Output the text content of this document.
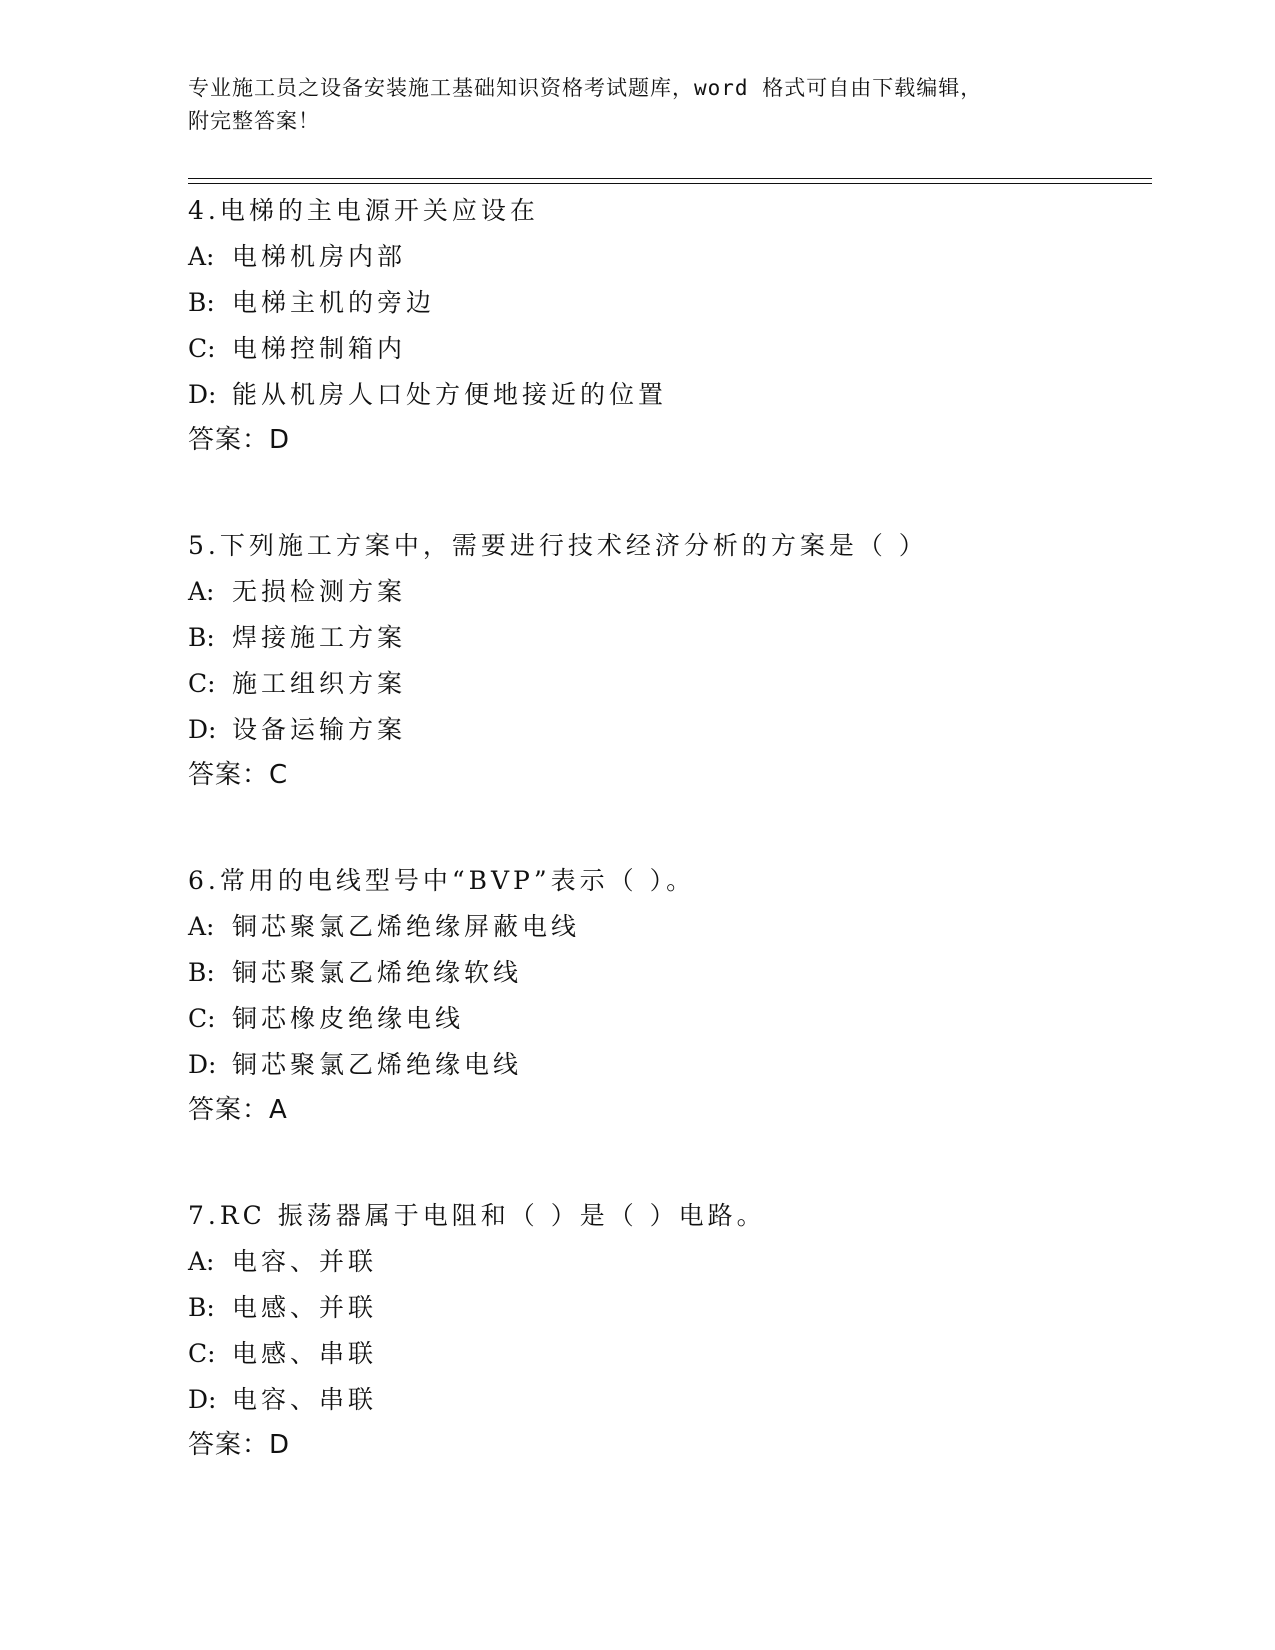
专业施工员之设备安装施工基础知识资格考试题库，word 格式可自由下载编辑，
附完整答案！
4.电梯的主电源开关应设在
A: 电梯机房内部
B: 电梯主机的旁边
C: 电梯控制箱内
D: 能从机房人口处方便地接近的位置
答案：D
5.下列施工方案中，需要进行技术经济分析的方案是（ ）
A: 无损检测方案
B: 焊接施工方案
C: 施工组织方案
D: 设备运输方案
答案：C
6.常用的电线型号中“BVP”表示（ ）。
A: 铜芯聚氯乙烯绝缘屏蔽电线
B: 铜芯聚氯乙烯绝缘软线
C: 铜芯橡皮绝缘电线
D: 铜芯聚氯乙烯绝缘电线
答案：A
7.RC 振荡器属于电阻和（ ）是（ ）电路。
A: 电容、并联
B: 电感、并联
C: 电感、串联
D: 电容、串联
答案：D
